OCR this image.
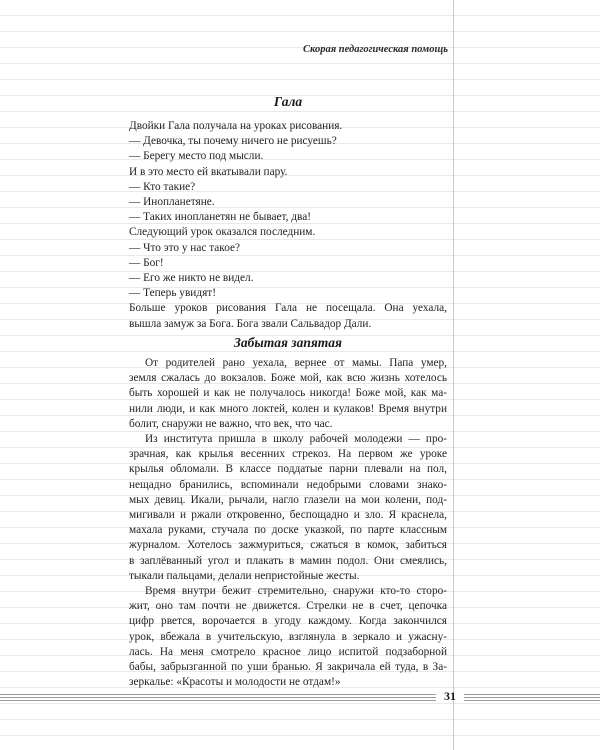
Скорая педагогическая помощь
Гала
Двойки Гала получала на уроках рисования.
— Девочка, ты почему ничего не рисуешь?
— Берегу место под мысли.
И в это место ей вкатывали пару.
— Кто такие?
— Инопланетяне.
— Таких инопланетян не бывает, два!
Следующий урок оказался последним.
— Что это у нас такое?
— Бог!
— Его же никто не видел.
— Теперь увидят!
Больше уроков рисования Гала не посещала. Она уехала,
вышла замуж за Бога. Бога звали Сальвадор Дали.
Забытая запятая
От родителей рано уехала, вернее от мамы. Папа умер,
земля сжалась до вокзалов. Боже мой, как всю жизнь хотелось
быть хорошей и как не получалось никогда! Боже мой, как ма-
нили люди, и как много локтей, колен и кулаков! Время внутри
болит, снаружи не важно, что век, что час.
Из института пришла в школу рабочей молодежи — про-
зрачная, как крылья весенних стрекоз. На первом же уроке
крылья обломали. В классе поддатые парни плевали на пол,
нещадно бранились, вспоминали недобрыми словами знако-
мых девиц. Икали, рычали, нагло глазели на мои колени, под-
мигивали и ржали откровенно, беспощадно и зло. Я краснела,
махала руками, стучала по доске указкой, по парте классным
журналом. Хотелось зажмуриться, сжаться в комок, забиться
в заплёванный угол и плакать в мамин подол. Они смеялись,
тыкали пальцами, делали непристойные жесты.
Время внутри бежит стремительно, снаружи кто-то сторо-
жит, оно там почти не движется. Стрелки не в счет, цепочка
цифр рвется, ворочается в угоду каждому. Когда закончился
урок, вбежала в учительскую, взглянула в зеркало и ужасну-
лась. На меня смотрело красное лицо испитой подзаборной
бабы, забрызганной по уши бранью. Я закричала ей туда, в За-
зеркалье: «Красоты и молодости не отдам!»
31
